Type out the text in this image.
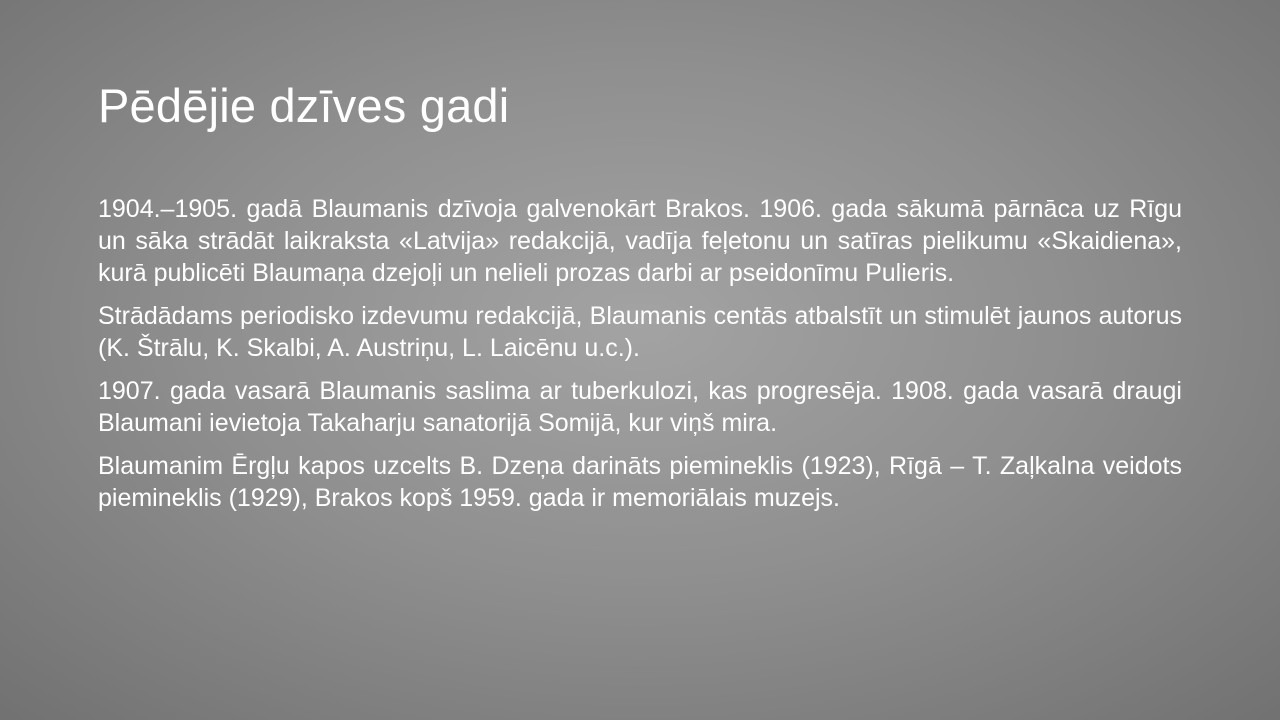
Pēdējie dzīves gadi

1904.–1905. gadā Blaumanis dzīvoja galvenokārt Brakos. 1906. gada sākumā pārnāca uz Rīgu un sāka strādāt laikraksta «Latvija» redakcijā, vadīja feļetonu un satīras pielikumu «Skaidiena», kurā publicēti Blaumaņa dzejoļi un nelieli prozas darbi ar pseidonīmu Pulieris.

Strādādams periodisko izdevumu redakcijā, Blaumanis centās atbalstīt un stimulēt jaunos autorus (K. Štrālu, K. Skalbi, A. Austriņu, L. Laicēnu u.c.).

1907. gada vasarā Blaumanis saslima ar tuberkulozi, kas progresēja. 1908. gada vasarā draugi Blaumani ievietoja Takaharju sanatorijā Somijā, kur viņš mira.

Blaumanim Ērgļu kapos uzcelts B. Dzeņa darināts piemineklis (1923), Rīgā – T. Zaļkalna veidots piemineklis (1929), Brakos kopš 1959. gada ir memoriālais muzejs.
